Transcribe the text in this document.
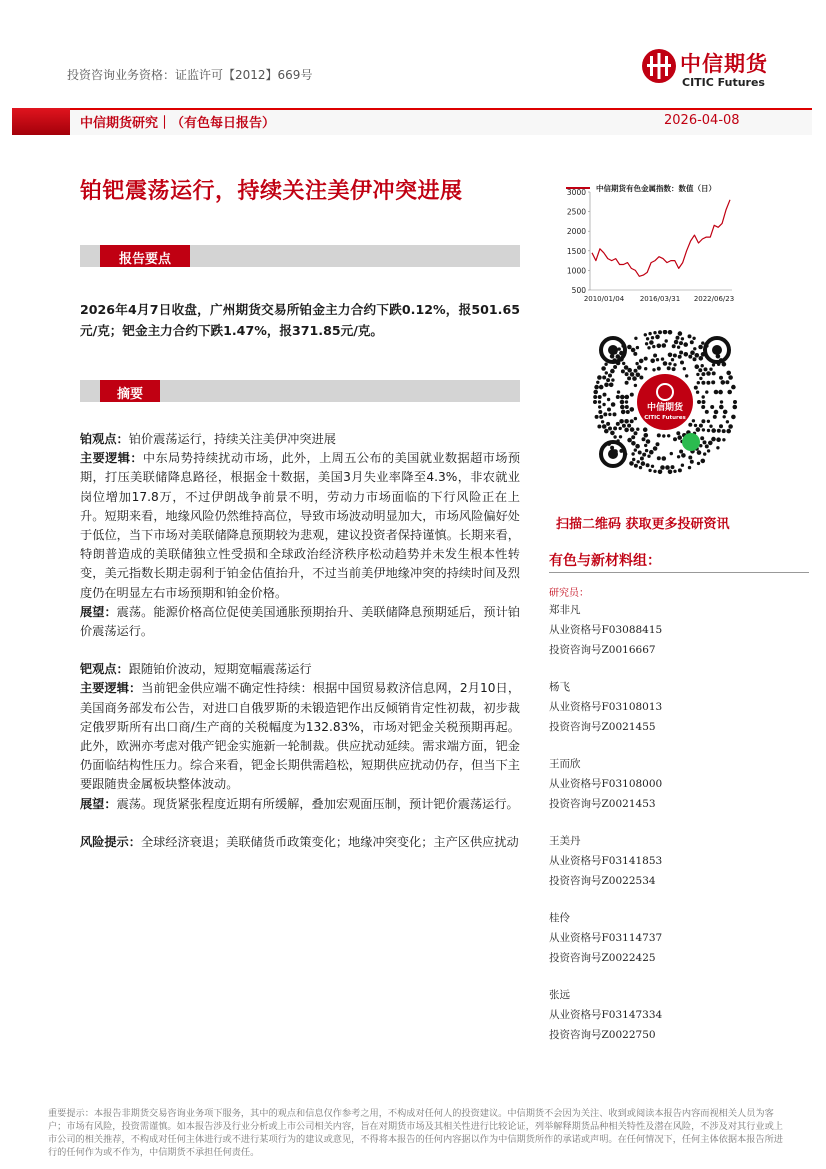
投资咨询业务资格：证监许可【2012】669号	中信期货
CITIC Futures
中信期货研究｜（有色每日报告）	2026-04-08
铂钯震荡运行，持续关注美伊冲突进展
报告要点
2026年4月7日收盘，广州期货交易所铂金主力合约下跌0.12%，报501.65元/克；钯金主力合约下跌1.47%，报371.85元/克。
摘要
铂观点：铂价震荡运行，持续关注美伊冲突进展
主要逻辑：中东局势持续扰动市场，此外，上周五公布的美国就业数据超市场预期，打压美联储降息路径，根据金十数据，美国3月失业率降至4.3%，非农就业岗位增加17.8万，不过伊朗战争前景不明，劳动力市场面临的下行风险正在上升。短期来看，地缘风险仍然维持高位，导致市场波动明显加大，市场风险偏好处于低位，当下市场对美联储降息预期较为悲观，建议投资者保持谨慎。长期来看，特朗普造成的美联储独立性受损和全球政治经济秩序松动趋势并未发生根本性转变，美元指数长期走弱利于铂金估值抬升，不过当前美伊地缘冲突的持续时间及烈度仍在明显左右市场预期和铂金价格。
展望：震荡。能源价格高位促使美国通胀预期抬升、美联储降息预期延后，预计铂价震荡运行。
钯观点：跟随铂价波动，短期宽幅震荡运行
主要逻辑：当前钯金供应端不确定性持续：根据中国贸易救济信息网，2月10日，美国商务部发布公告，对进口自俄罗斯的未锻造钯作出反倾销肯定性初裁，初步裁定俄罗斯所有出口商/生产商的关税幅度为132.83%，市场对钯金关税预期再起。此外，欧洲亦考虑对俄产钯金实施新一轮制裁。供应扰动延续。需求端方面，钯金仍面临结构性压力。综合来看，钯金长期供需趋松，短期供应扰动仍存，但当下主要跟随贵金属板块整体波动。
展望：震荡。现货紧张程度近期有所缓解，叠加宏观面压制，预计钯价震荡运行。
风险提示：全球经济衰退；美联储货币政策变化；地缘冲突变化；主产区供应扰动
中信期货有色金属指数：数值（日）
500
1000
1500
2000
2500
3000
2010/01/04 2016/03/31 2022/06/23
中信期货
CITIC Futures
扫描二维码 获取更多投研资讯
有色与新材料组：
研究员：
郑非凡
从业资格号F03088415
投资咨询号Z0016667
杨飞
从业资格号F03108013
投资咨询号Z0021455
王而欣
从业资格号F03108000
投资咨询号Z0021453
王美丹
从业资格号F03141853
投资咨询号Z0022534
桂伶
从业资格号F03114737
投资咨询号Z0022425
张远
从业资格号F03147334
投资咨询号Z0022750
重要提示：本报告非期货交易咨询业务项下服务，其中的观点和信息仅作参考之用，不构成对任何人的投资建议。中信期货不会因为关注、收到或阅读本报告内容而视相关人员为客户；市场有风险，投资需谨慎。如本报告涉及行业分析或上市公司相关内容，旨在对期货市场及其相关性进行比较论证，列举解释期货品种相关特性及潜在风险，不涉及对其行业或上市公司的相关推荐，不构成对任何主体进行或不进行某项行为的建议或意见，不得将本报告的任何内容据以作为中信期货所作的承诺或声明。在任何情况下，任何主体依据本报告所进行的任何作为或不作为，中信期货不承担任何责任。
